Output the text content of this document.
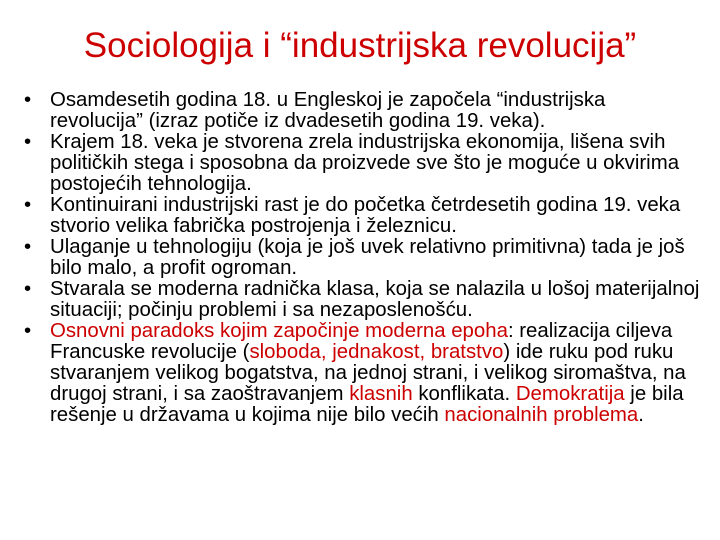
Sociologija i “industrijska revolucija”
• Osamdesetih godina 18. u Engleskoj je započela “industrijska revolucija” (izraz potiče iz dvadesetih godina 19. veka).
• Krajem 18. veka je stvorena zrela industrijska ekonomija, lišena svih političkih stega i sposobna da proizvede sve što je moguće u okvirima postojećih tehnologija.
• Kontinuirani industrijski rast je do početka četrdesetih godina 19. veka stvorio velika fabrička postrojenja i železnicu.
• Ulaganje u tehnologiju (koja je još uvek relativno primitivna) tada je još bilo malo, a profit ogroman.
• Stvarala se moderna radnička klasa, koja se nalazila u lošoj materijalnoj situaciji; počinju problemi i sa nezaposlenošću.
• Osnovni paradoks kojim započinje moderna epoha: realizacija ciljeva Francuske revolucije (sloboda, jednakost, bratstvo) ide ruku pod ruku stvaranjem velikog bogatstva, na jednoj strani, i velikog siromaštva, na drugoj strani, i sa zaoštravanjem klasnih konflikata. Demokratija je bila rešenje u državama u kojima nije bilo većih nacionalnih problema.
